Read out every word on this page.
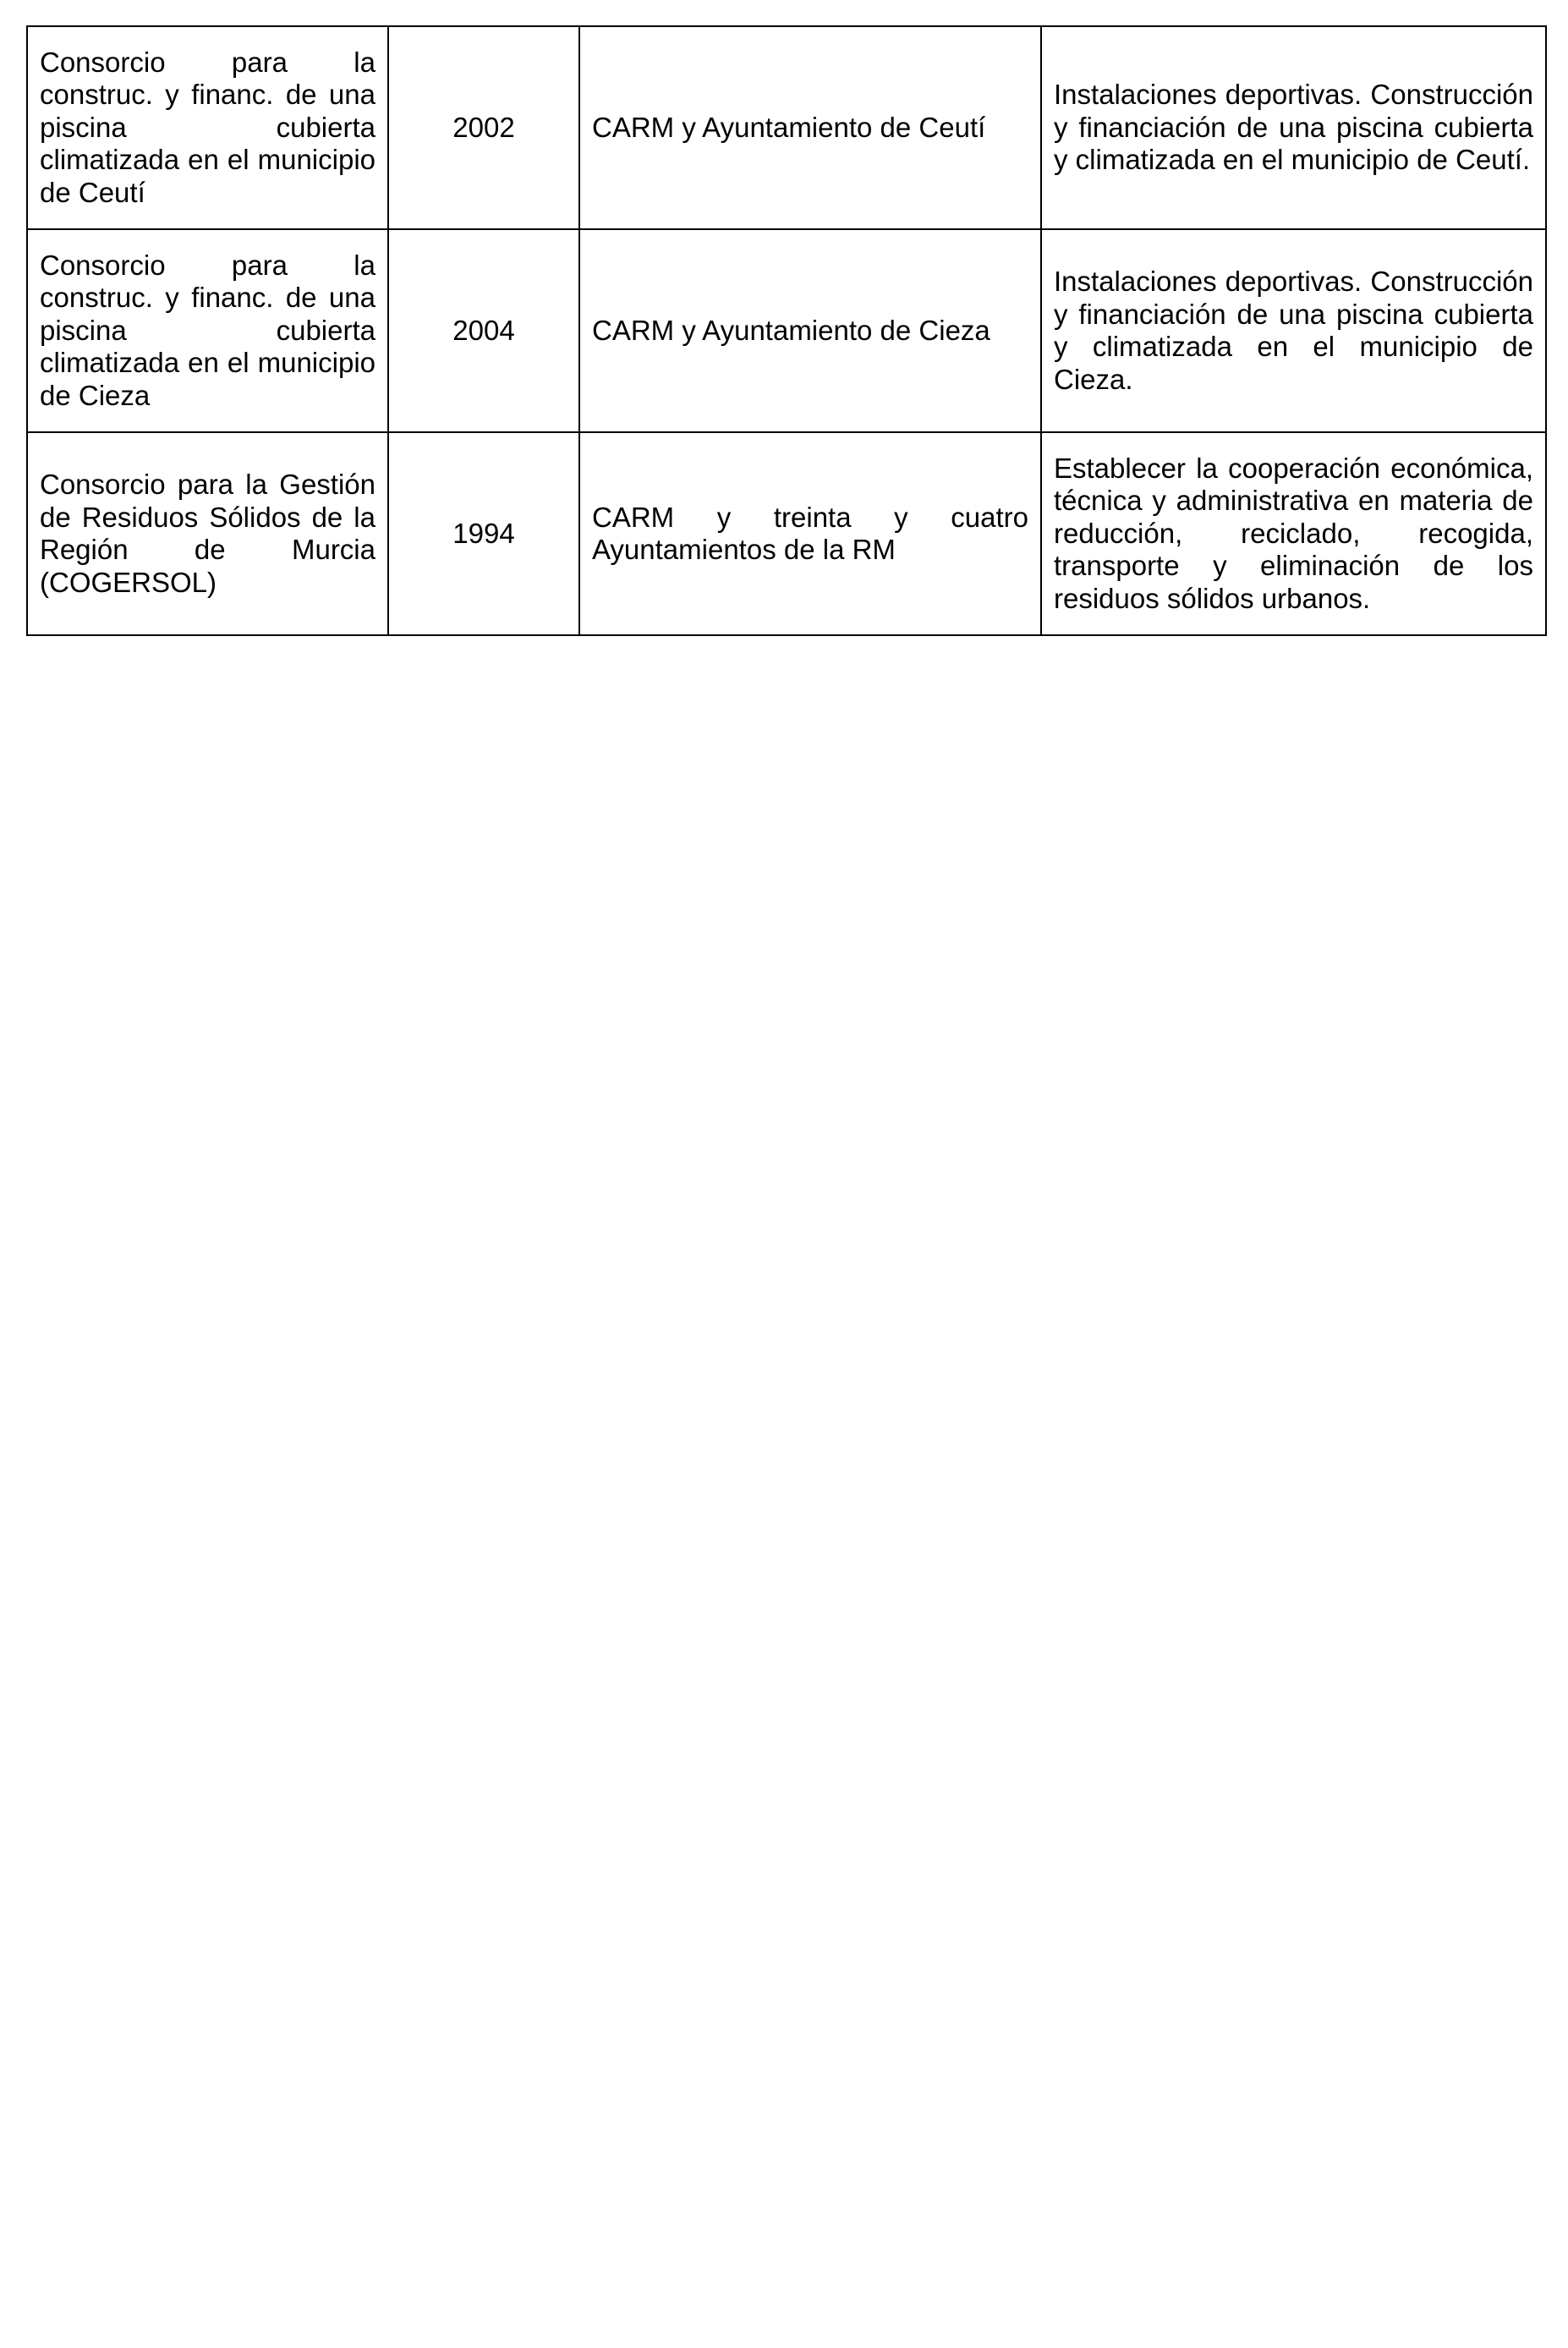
Consorcio para la construc. y financ. de una piscina cubierta climatizada en el municipio de Ceutí	2002	CARM y Ayuntamiento de Ceutí	Instalaciones deportivas. Construcción y financiación de una piscina cubierta y climatizada en el municipio de Ceutí.
Consorcio para la construc. y financ. de una piscina cubierta climatizada en el municipio de Cieza	2004	CARM y Ayuntamiento de Cieza	Instalaciones deportivas. Construcción y financiación de una piscina cubierta y climatizada en el municipio de Cieza.
Consorcio para la Gestión de Residuos Sólidos de la Región de Murcia (COGERSOL)	1994	CARM y treinta y cuatro Ayuntamientos de la RM	Establecer la cooperación económica, técnica y administrativa en materia de reducción, reciclado, recogida, transporte y eliminación de los residuos sólidos urbanos.
